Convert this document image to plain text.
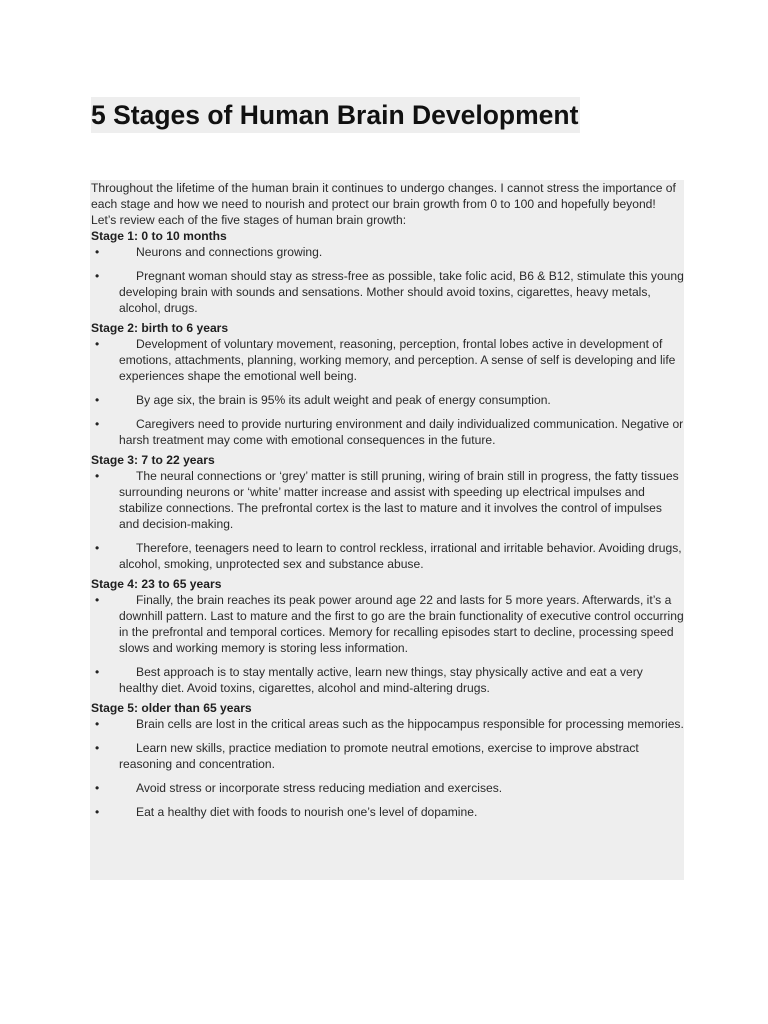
5 Stages of Human Brain Development

Throughout the lifetime of the human brain it continues to undergo changes. I cannot stress the importance of each stage and how we need to nourish and protect our brain growth from 0 to 100 and hopefully beyond!

Let’s review each of the five stages of human brain growth:

Stage 1: 0 to 10 months

•	Neurons and connections growing.
•	Pregnant woman should stay as stress-free as possible, take folic acid, B6 & B12, stimulate this young developing brain with sounds and sensations. Mother should avoid toxins, cigarettes, heavy metals, alcohol, drugs.

Stage 2: birth to 6 years

•	Development of voluntary movement, reasoning, perception, frontal lobes active in development of emotions, attachments, planning, working memory, and perception. A sense of self is developing and life experiences shape the emotional well being.
•	By age six, the brain is 95% its adult weight and peak of energy consumption.
•	Caregivers need to provide nurturing environment and daily individualized communication. Negative or harsh treatment may come with emotional consequences in the future.

Stage 3: 7 to 22 years

•	The neural connections or ‘grey’ matter is still pruning, wiring of brain still in progress, the fatty tissues surrounding neurons or ‘white’ matter increase and assist with speeding up electrical impulses and stabilize connections. The prefrontal cortex is the last to mature and it involves the control of impulses and decision-making.
•	Therefore, teenagers need to learn to control reckless, irrational and irritable behavior. Avoiding drugs, alcohol, smoking, unprotected sex and substance abuse.

Stage 4: 23 to 65 years

•	Finally, the brain reaches its peak power around age 22 and lasts for 5 more years. Afterwards, it’s a downhill pattern. Last to mature and the first to go are the brain functionality of executive control occurring in the prefrontal and temporal cortices. Memory for recalling episodes start to decline, processing speed slows and working memory is storing less information.
•	Best approach is to stay mentally active, learn new things, stay physically active and eat a very healthy diet. Avoid toxins, cigarettes, alcohol and mind-altering drugs.

Stage 5: older than 65 years

•	Brain cells are lost in the critical areas such as the hippocampus responsible for processing memories.
•	Learn new skills, practice mediation to promote neutral emotions, exercise to improve abstract reasoning and concentration.
•	Avoid stress or incorporate stress reducing mediation and exercises.
•	Eat a healthy diet with foods to nourish one’s level of dopamine.
